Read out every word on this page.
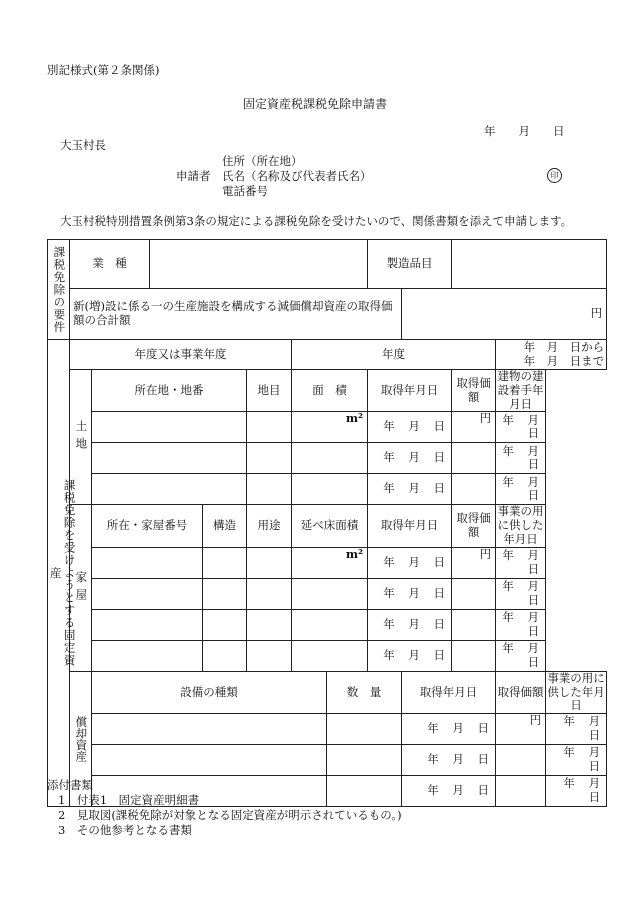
別記様式(第２条関係)
固定資産税課税免除申請書
年　　月　　日
大玉村長
住所（所在地）
申請者 氏名（名称及び代表者氏名）	印
電話番号
大玉村税特別措置条例第3条の規定による課税免除を受けたいので、関係書類を添えて申請します。
課税免除の要件	業　種							製造品目				
	新(増)設に係る一の生産施設を構成する減価償却資産の取得価額の合計額								円			

課税免除を受けようとする固定資産	年度又は事業年度					年度					年　月　日から
年　月　日まで	

	土地	所在地・地番			地目	面　積		取得年月日		取得価額	建物の建設着手年月日	
						m²		年 月 日		円	年 月 日	
								年 月 日			年 月 日	
								年 月 日			年 月 日	

	家屋	所在・家屋番号		構造	用途	延べ床面積		取得年月日		取得価額	事業の用に供した年月日	
						m²		年 月 日		円	年 月 日	
								年 月 日			年 月 日	
								年 月 日			年 月 日	
								年 月 日			年 月 日	

	償却資産	設備の種類					数　量		取得年月日		取得価額	事業の用に供した年月日
									年 月 日		円	年 月 日
									年 月 日			年 月 日
									年 月 日			年 月 日
添付書類
1　付表1　固定資産明細書
2　見取図(課税免除が対象となる固定資産が明示されているもの。)
3　その他参考となる書類
